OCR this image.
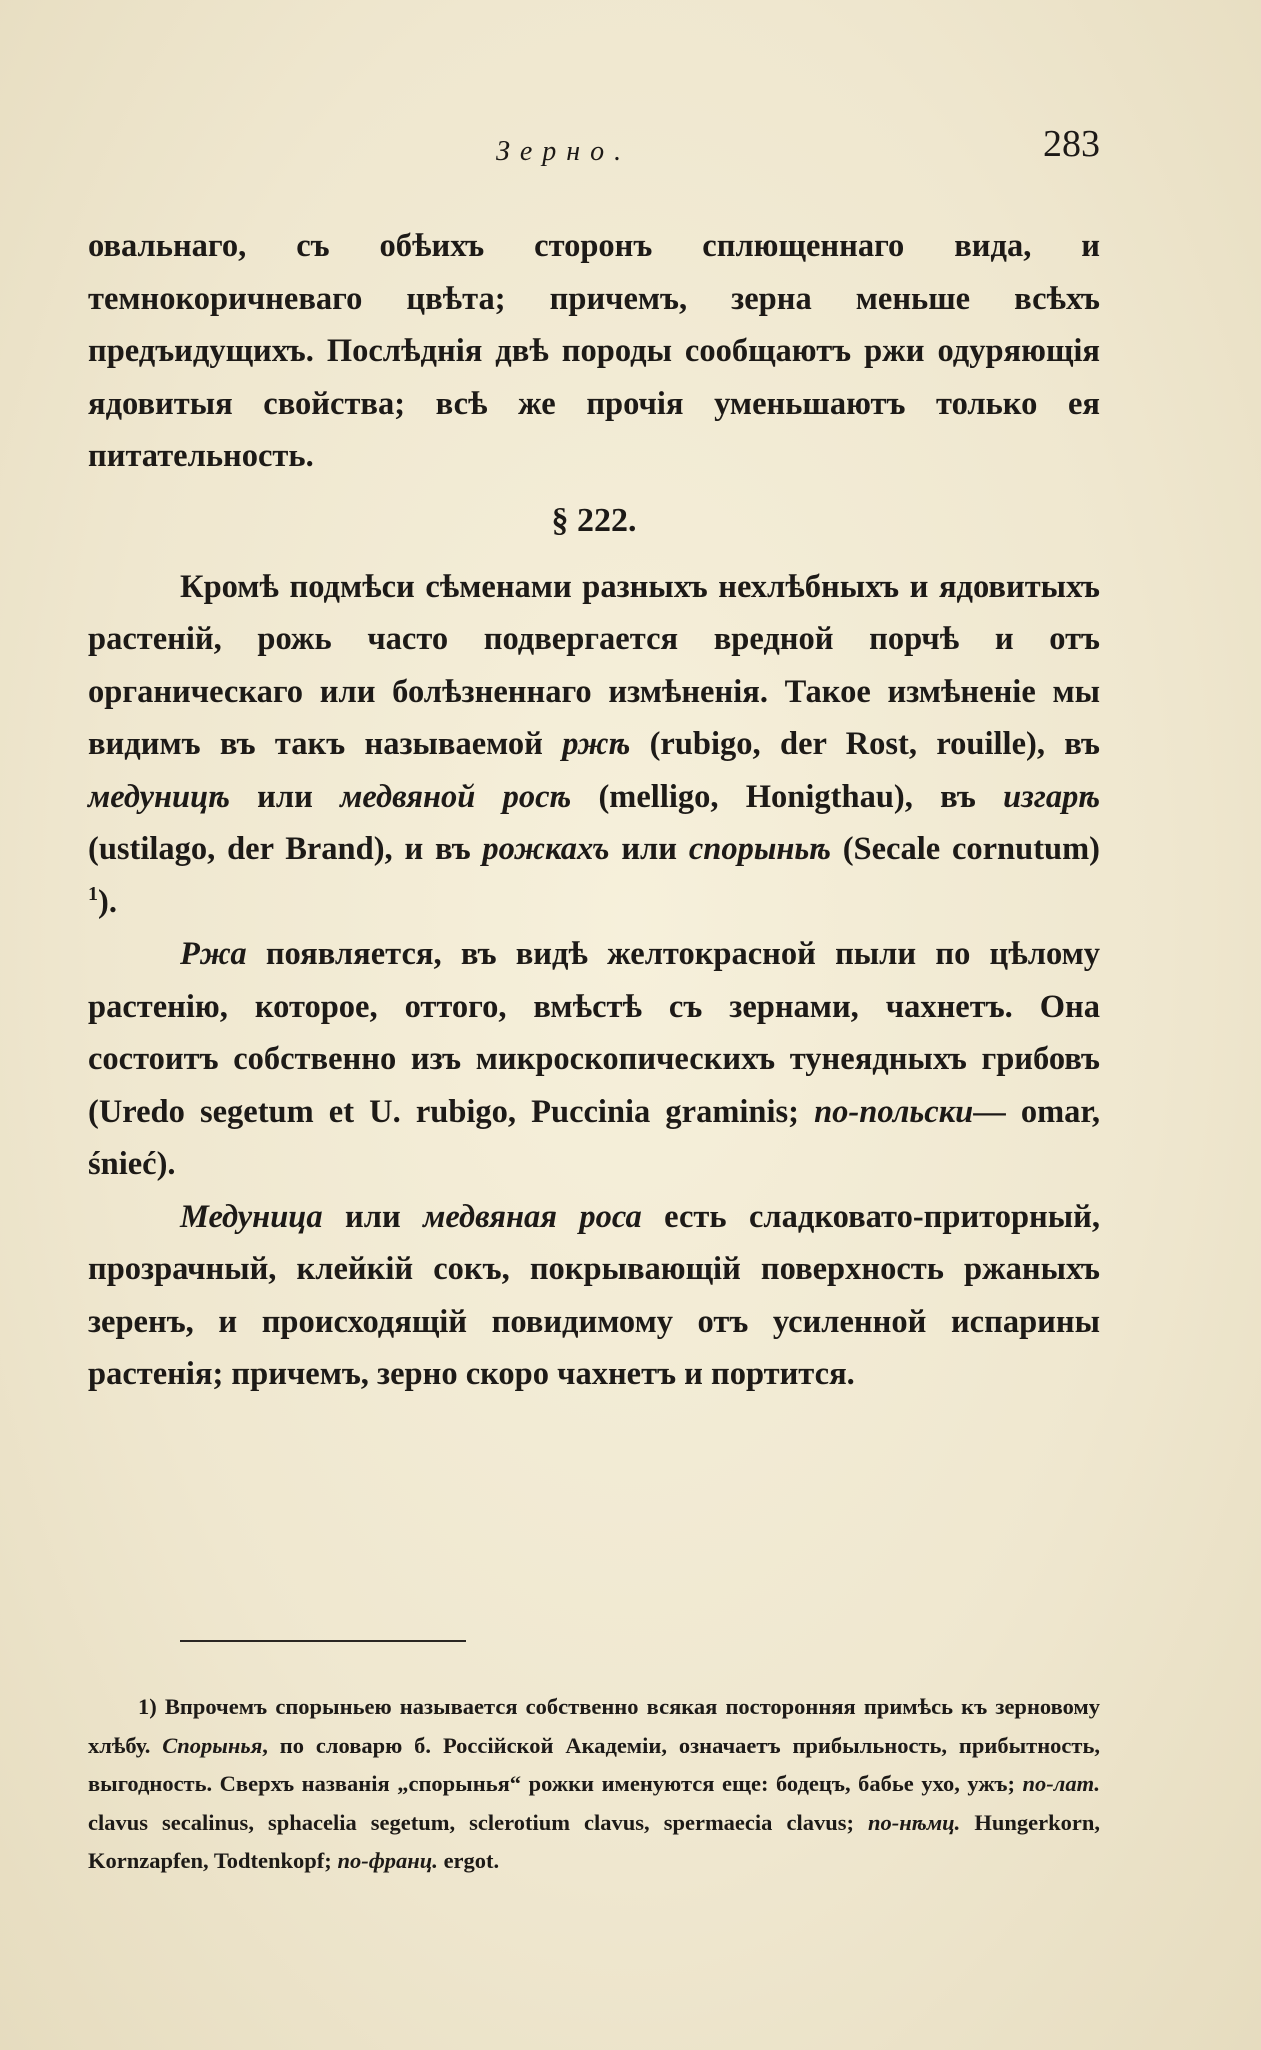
Зерно.	283

овальнаго, съ обѣихъ сторонъ сплющеннаго вида, и темнокоричневаго цвѣта; причемъ, зерна меньше всѣхъ предъидущихъ. Послѣднія двѣ породы сообщаютъ ржи одуряющія ядовитыя свойства; всѣ же прочія уменьшаютъ только ея питательность.

§ 222.

Кромѣ подмѣси сѣменами разныхъ нехлѣбныхъ и ядовитыхъ растеній, рожь часто подвергается вредной порчѣ и отъ органическаго или болѣзненнаго измѣненія. Такое измѣненіе мы видимъ въ такъ называемой ржѣ (rubigo, der Rost, rouille), въ медуницѣ или медвяной росѣ (melligo, Honigthau), въ изгарѣ (ustilago, der Brand), и въ рожкахъ или спорыньѣ (Secale cornutum) $^1$).

Ржа появляется, въ видѣ желтокрасной пыли по цѣлому растенію, которое, оттого, вмѣстѣ съ зернами, чахнетъ. Она состоитъ собственно изъ микроскопическихъ тунеядныхъ грибовъ (Uredo segetum et U. rubigo, Puccinia graminis; по-польски— omar, śnieć).

Медуница или медвяная роса есть сладковато-приторный, прозрачный, клейкій сокъ, покрывающій поверхность ржаныхъ зеренъ, и происходящій повидимому отъ усиленной испарины растенія; причемъ, зерно скоро чахнетъ и портится.

1) Впрочемъ спорыньею называется собственно всякая посторонняя примѣсь къ зерновому хлѣбу. Спорынья, по словарю б. Россійской Академіи, означаетъ прибыльность, прибытность, выгодность. Сверхъ названія „спорынья“ рожки именуются еще: бодецъ, бабье ухо, ужъ; по-лат. clavus secalinus, sphacelia segetum, sclerotium clavus, spermaecia clavus; по-нѣмц. Hungerkorn, Kornzapfen, Todtenkopf; по-франц. ergot.
